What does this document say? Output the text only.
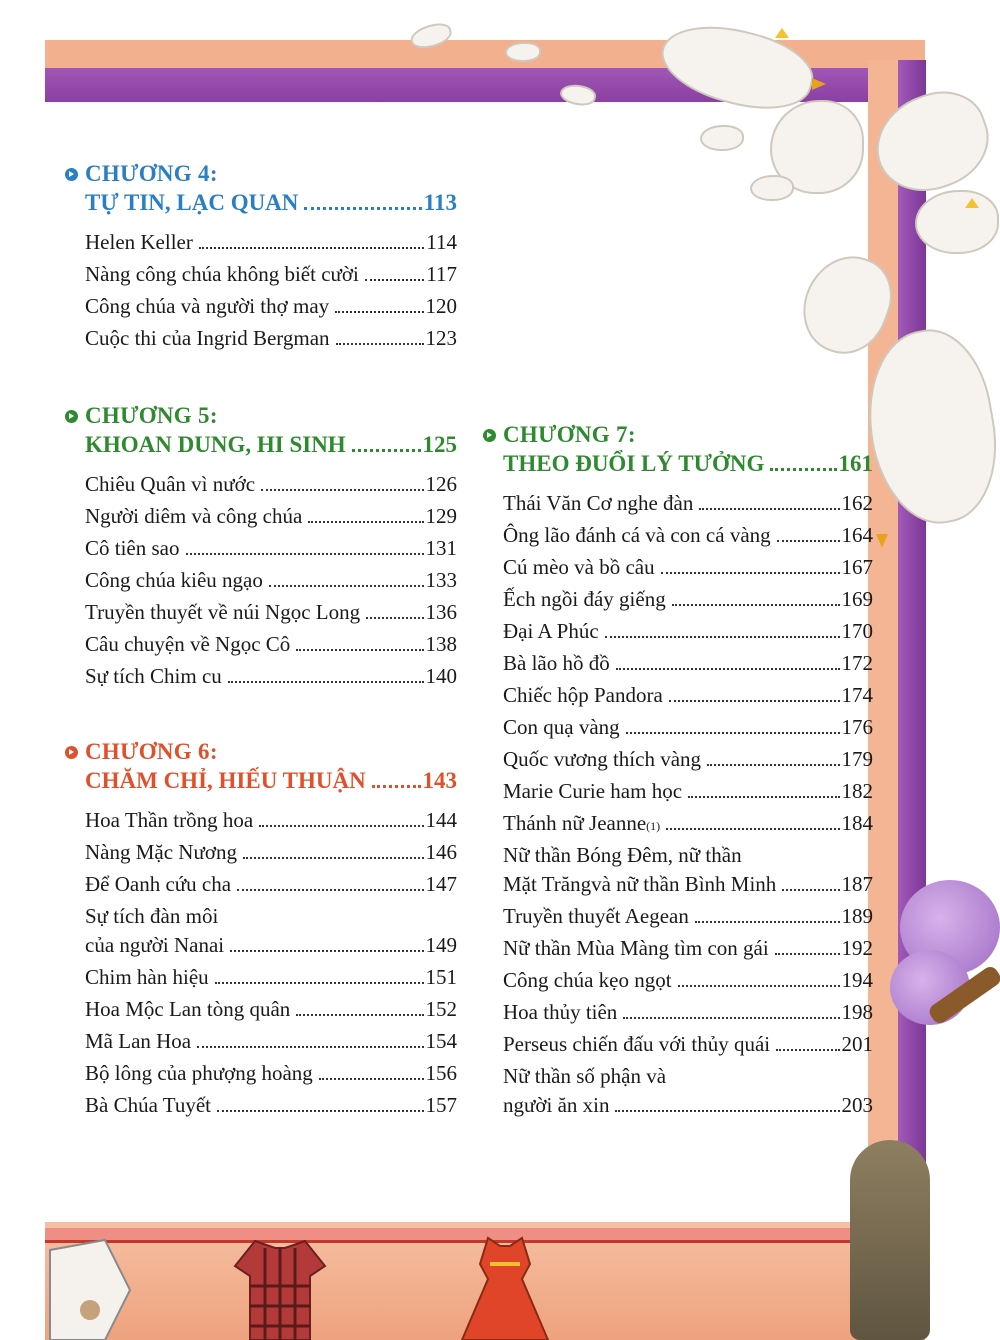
CHƯƠNG 4:
TỰ TIN, LẠC QUAN	113
Helen Keller	114
Nàng công chúa không biết cười	117
Công chúa và người thợ may	120
Cuộc thi của Ingrid Bergman	123
CHƯƠNG 5:
KHOAN DUNG, HI SINH	125
Chiêu Quân vì nước	126
Người diêm và công chúa	129
Cô tiên sao	131
Công chúa kiêu ngạo	133
Truyền thuyết về núi Ngọc Long	136
Câu chuyện về Ngọc Cô	138
Sự tích Chim cu	140
CHƯƠNG 6:
CHĂM CHỈ, HIẾU THUẬN 143
Hoa Thần trồng hoa	144
Nàng Mặc Nương	146
Để Oanh cứu cha	147
Sự tích đàn môi
của người Nanai	149
Chim hàn hiệu	151
Hoa Mộc Lan tòng quân	152
Mã Lan Hoa	154
Bộ lông của phượng hoàng	156
Bà Chúa Tuyết	157
CHƯƠNG 7:
THEO ĐUỔI LÝ TƯỞNG	161
Thái Văn Cơ nghe đàn	162
Ông lão đánh cá và con cá vàng	164
Cú mèo và bồ câu	167
Ếch ngồi đáy giếng	169
Đại A Phúc	170
Bà lão hồ đồ	172
Chiếc hộp Pandora	174
Con quạ vàng	176
Quốc vương thích vàng	179
Marie Curie ham học	182
Thánh nữ Jeanne (1)	184
Nữ thần Bóng Đêm, nữ thần
Mặt Trăngvà nữ thần Bình Minh	187
Truyền thuyết Aegean	189
Nữ thần Mùa Màng tìm con gái	192
Công chúa kẹo ngọt	194
Hoa thủy tiên	198
Perseus chiến đấu với thủy quái	201
Nữ thần số phận và
người ăn xin	203
